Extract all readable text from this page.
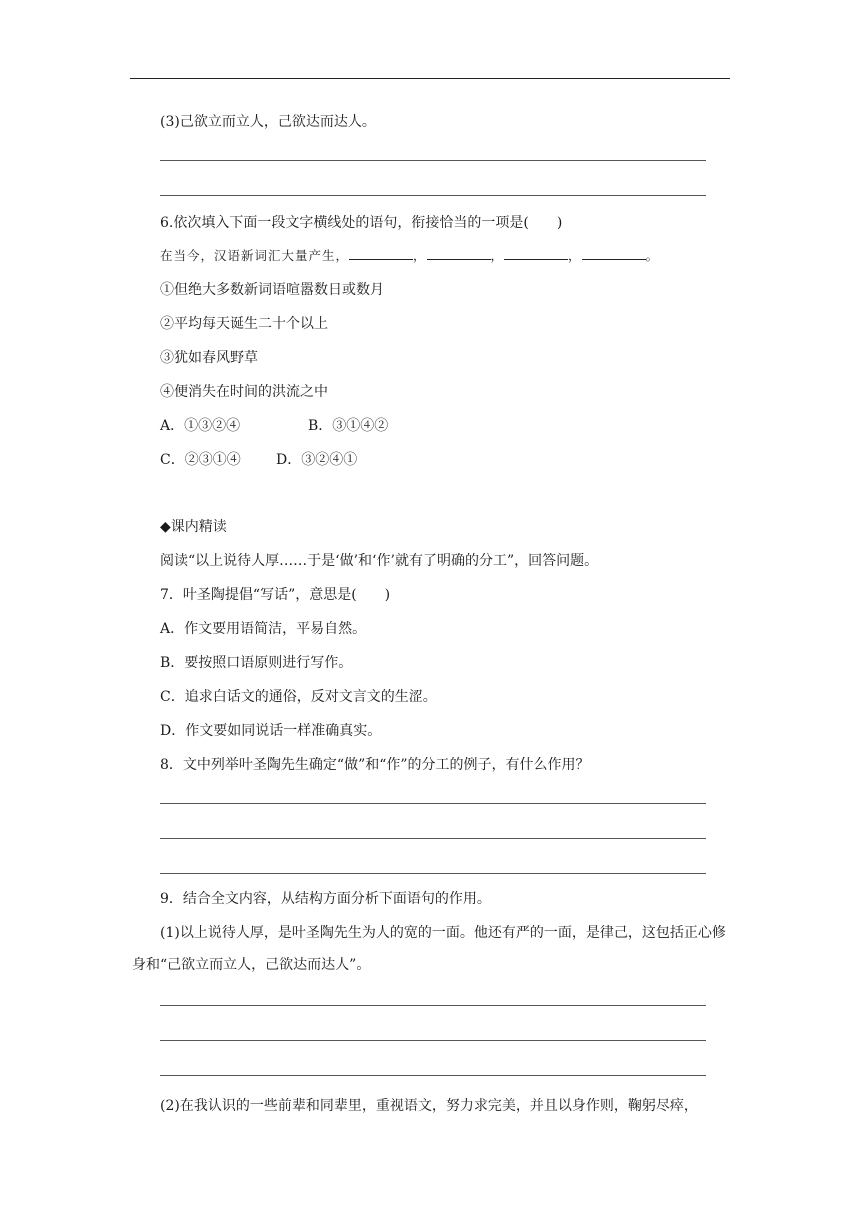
(3)己欲立而立人，己欲达而达人。
6.依次填入下面一段文字横线处的语句，衔接恰当的一项是(　　)
在当今，汉语新词汇大量产生，	，	，	，	。
①但绝大多数新词语喧嚣数日或数月
②平均每天诞生二十个以上
③犹如春风野草
④便消失在时间的洪流之中
A．①③②④	B．③①④②
C．②③①④	D．③②④①
◆课内精读
阅读“以上说待人厚……于是‘做’和‘作’就有了明确的分工”，回答问题。
7．叶圣陶提倡“写话”，意思是(　　)
A．作文要用语简洁，平易自然。
B．要按照口语原则进行写作。
C．追求白话文的通俗，反对文言文的生涩。
D．作文要如同说话一样准确真实。
8．文中列举叶圣陶先生确定“做”和“作”的分工的例子，有什么作用？
9．结合全文内容，从结构方面分析下面语句的作用。
(1)以上说待人厚，是叶圣陶先生为人的宽的一面。他还有严的一面，是律己，这包括正心修身和“己欲立而立人，己欲达而达人”。
(2)在我认识的一些前辈和同辈里，重视语文，努力求完美，并且以身作则，鞠躬尽瘁，
